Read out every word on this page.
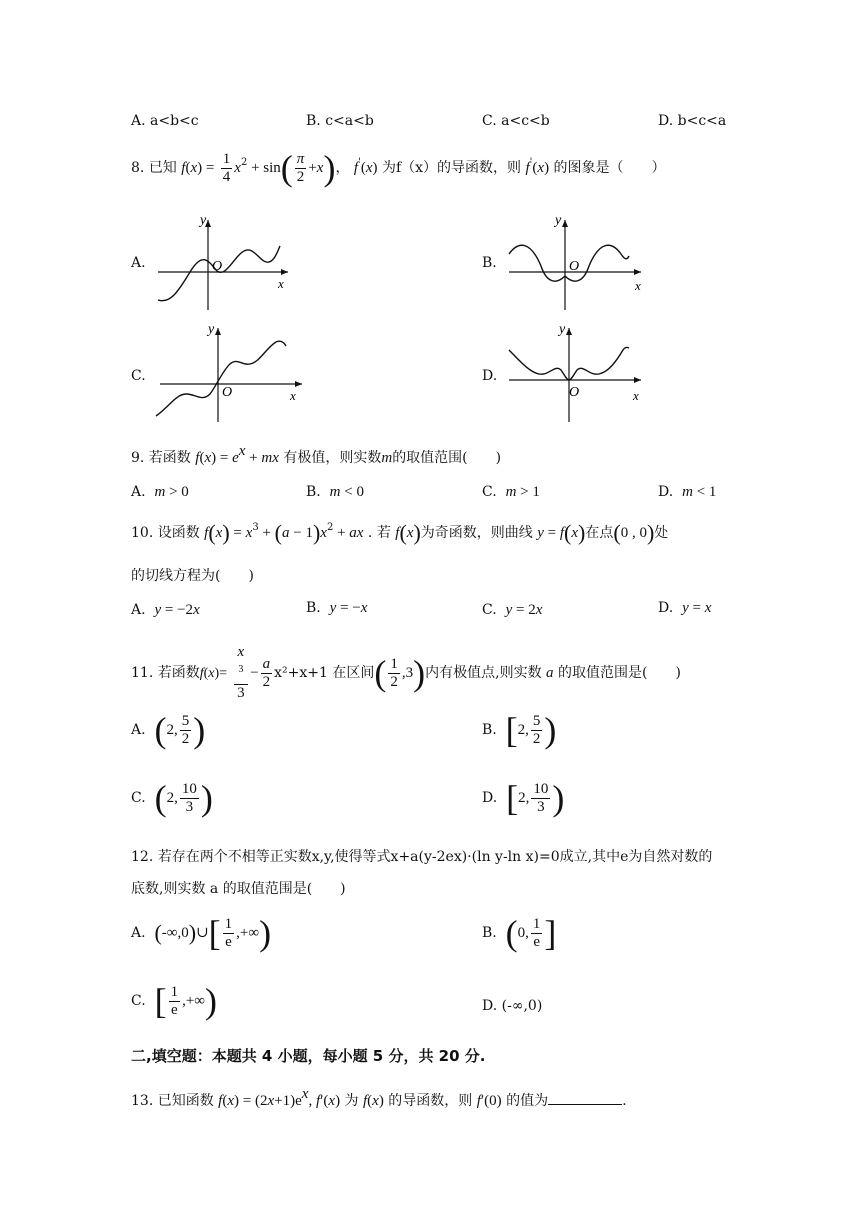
A. a<b<c	B. c<a<b	C. a<c<b	D. b<c<a
8. 已知 $f(x) = \frac{1}{4} x^2 + \sin( \frac{\pi}{2} +x)$， f'(x) 为f（x）的导函数，则 f'(x) 的图象是（　　）
A.	B.
C.	D.
y
O
x
y
O
x
y
O	x
y
O	x
9. 若函数 $f(x) = e^x$ + mx 有极值，则实数m的取值范围(　　)
A. m > 0	B. m < 0	C. m > 1	D. m < 1
10. 设函数 $f(x) = x^3 + (a - 1)x^2$ + ax . 若 f(x)为奇函数，则曲线 y = f(x)在点(0 , 0)处
的切线方程为(　　)
A. y = −2x	B. y = −x	C. y = 2x	D. y = x
11. 若函数f(x)= x
$^3$
$3 - \frac{a}{2} x^2+x+1$ 在区间( $\frac{1}{2} ,3$)内有极值点,则实数 a 的取值范围是(　　)
A. (2, $\frac{5}{2}$ )	B. [2, $\frac{5}{2}$ )
C. (2, $\frac{10}{3}$ )	D. [2, $\frac{10}{3}$ )
12. 若存在两个不相等正实数x,y,使得等式x+a(y-2ex)·(ln y-ln x)=0成立,其中e为自然对数的
底数,则实数 a 的取值范围是(　　)
A. (-∞,0)∪[ $\frac{1}{e}$ ,+∞)	B. (0, $\frac{1}{e}$ ]
C. [ $\frac{1}{e}$ ,+∞)	D. (-∞,0)
二,填空题：本题共 4 小题，每小题 5 分，共 20 分.
13. 已知函数 $f(x) = (2x+1)e^x$, f′(x) 为 f(x) 的导函数，则 f′(0) 的值为	.
